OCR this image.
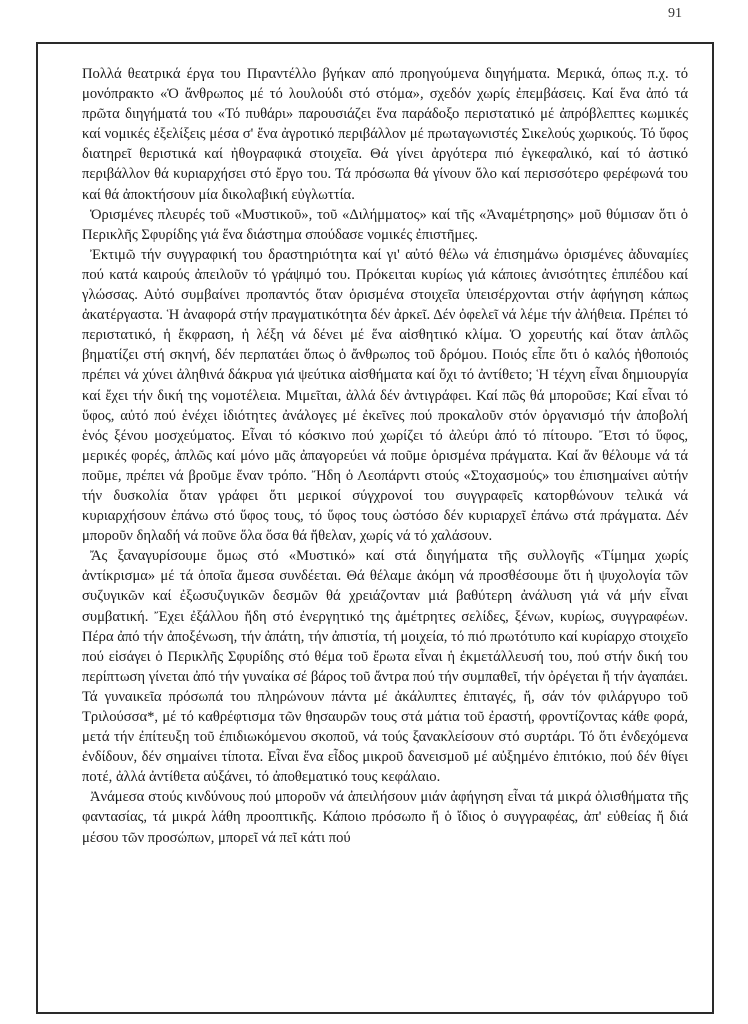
91

Πολλά θεατρικά έργα του Πιραντέλλο βγήκαν από προηγούμενα διηγήματα. Μερικά, όπως π.χ. τό μονόπρακτο «Ὁ ἄνθρωπος μέ τό λουλούδι στό στόμα», σχεδόν χωρίς ἐπεμβάσεις. Καί ἕνα ἀπό τά πρῶτα διηγήματά του «Τό πυθάρι» παρουσιάζει ἕνα παράδοξο περιστατικό μέ ἀπρόβλεπτες κωμικές καί νομικές ἐξελίξεις μέσα σ' ἕνα ἀγροτικό περιβάλλον μέ πρωταγωνιστές Σικελούς χωρικούς. Τό ὕφος διατηρεῖ θεριστικά καί ἠθογραφικά στοιχεῖα. Θά γίνει ἀργότερα πιό ἐγκεφαλικό, καί τό ἀστικό περιβάλλον θά κυριαρχήσει στό ἔργο του. Τά πρόσωπα θά γίνουν ὅλο καί περισσότερο φερέφωνά του καί θά ἀποκτήσουν μία δικολαβική εὐγλωττία.

Ὁρισμένες πλευρές τοῦ «Μυστικοῦ», τοῦ «Διλήμματος» καί τῆς «Ἀναμέτρησης» μοῦ θύμισαν ὅτι ὁ Περικλῆς Σφυρίδης γιά ἕνα διάστημα σπούδασε νομικές ἐπιστῆμες.

Ἐκτιμῶ τήν συγγραφική του δραστηριότητα καί γι' αὐτό θέλω νά ἐπισημάνω ὁρισμένες ἀδυναμίες πού κατά καιρούς ἀπειλοῦν τό γράψιμό του. Πρόκειται κυρίως γιά κάποιες ἀνισότητες ἐπιπέδου καί γλώσσας. Αὐτό συμβαίνει προπαντός ὅταν ὁρισμένα στοιχεῖα ὑπεισέρχονται στήν ἀφήγηση κάπως ἀκατέργαστα. Ἡ ἀναφορά στήν πραγματικότητα δέν ἀρκεῖ. Δέν ὀφελεῖ νά λέμε τήν ἀλήθεια. Πρέπει τό περιστατικό, ἡ ἔκφραση, ἡ λέξη νά δένει μέ ἕνα αἰσθητικό κλίμα. Ὁ χορευτής καί ὅταν ἁπλῶς βηματίζει στή σκηνή, δέν περπατάει ὅπως ὁ ἄνθρωπος τοῦ δρόμου. Ποιός εἶπε ὅτι ὁ καλός ἠθοποιός πρέπει νά χύνει ἀληθινά δάκρυα γιά ψεύτικα αἰσθήματα καί ὄχι τό ἀντίθετο; Ἡ τέχνη εἶναι δημιουργία καί ἔχει τήν δική της νομοτέλεια. Μιμεῖται, ἀλλά δέν ἀντιγράφει. Καί πῶς θά μποροῦσε; Καί εἶναι τό ὕφος, αὐτό πού ἐνέχει ἰδιότητες ἀνάλογες μέ ἐκεῖνες πού προκαλοῦν στόν ὀργανισμό τήν ἀποβολή ἑνός ξένου μοσχεύματος. Εἶναι τό κόσκινο πού χωρίζει τό ἀλεύρι ἀπό τό πίτουρο. Ἔτσι τό ὕφος, μερικές φορές, ἁπλῶς καί μόνο μᾶς ἀπαγορεύει νά ποῦμε ὁρισμένα πράγματα. Καί ἄν θέλουμε νά τά ποῦμε, πρέπει νά βροῦμε ἕναν τρόπο. Ἤδη ὁ Λεοπάρντι στούς «Στοχασμούς» του ἐπισημαίνει αὐτήν τήν δυσκολία ὅταν γράφει ὅτι μερικοί σύγχρονοί του συγγραφεῖς κατορθώνουν τελικά νά κυριαρχήσουν ἐπάνω στό ὕφος τους, τό ὕφος τους ὡστόσο δέν κυριαρχεῖ ἐπάνω στά πράγματα. Δέν μποροῦν δηλαδή νά ποῦνε ὅλα ὅσα θά ἤθελαν, χωρίς νά τό χαλάσουν.

Ἄς ξαναγυρίσουμε ὅμως στό «Μυστικό» καί στά διηγήματα τῆς συλλογῆς «Τίμημα χωρίς ἀντίκρισμα» μέ τά ὁποῖα ἄμεσα συνδέεται. Θά θέλαμε ἀκόμη νά προσθέσουμε ὅτι ἡ ψυχολογία τῶν συζυγικῶν καί ἐξωσυζυγικῶν δεσμῶν θά χρειάζονταν μιά βαθύτερη ἀνάλυση γιά νά μήν εἶναι συμβατική. Ἔχει ἐξάλλου ἤδη στό ἐνεργητικό της ἀμέτρητες σελίδες, ξένων, κυρίως, συγγραφέων. Πέρα ἀπό τήν ἀποξένωση, τήν ἀπάτη, τήν ἀπιστία, τή μοιχεία, τό πιό πρωτότυπο καί κυρίαρχο στοιχεῖο πού εἰσάγει ὁ Περικλῆς Σφυρίδης στό θέμα τοῦ ἔρωτα εἶναι ἡ ἐκμετάλλευσή του, πού στήν δική του περίπτωση γίνεται ἀπό τήν γυναίκα σέ βάρος τοῦ ἄντρα πού τήν συμπαθεῖ, τήν ὀρέγεται ἤ τήν ἀγαπάει. Τά γυναικεῖα πρόσωπά του πληρώνουν πάντα μέ ἀκάλυπτες ἐπιταγές, ἤ, σάν τόν φιλάργυρο τοῦ Τριλούσσα*, μέ τό καθρέφτισμα τῶν θησαυρῶν τους στά μάτια τοῦ ἐραστή, φροντίζοντας κάθε φορά, μετά τήν ἐπίτευξη τοῦ ἐπιδιωκόμενου σκοποῦ, νά τούς ξανακλείσουν στό συρτάρι. Τό ὅτι ἐνδεχόμενα ἐνδίδουν, δέν σημαίνει τίποτα. Εἶναι ἕνα εἶδος μικροῦ δανεισμοῦ μέ αὐξημένο ἐπιτόκιο, πού δέν θίγει ποτέ, ἀλλά ἀντίθετα αὐξάνει, τό ἀποθεματικό τους κεφάλαιο.

Ἀνάμεσα στούς κινδύνους πού μποροῦν νά ἀπειλήσουν μιάν ἀφήγηση εἶναι τά μικρά ὀλισθήματα τῆς φαντασίας, τά μικρά λάθη προοπτικῆς. Κάποιο πρόσωπο ἤ ὁ ἴδιος ὁ συγγραφέας, ἀπ' εὐθείας ἤ διά μέσου τῶν προσώπων, μπορεῖ νά πεῖ κάτι πού
